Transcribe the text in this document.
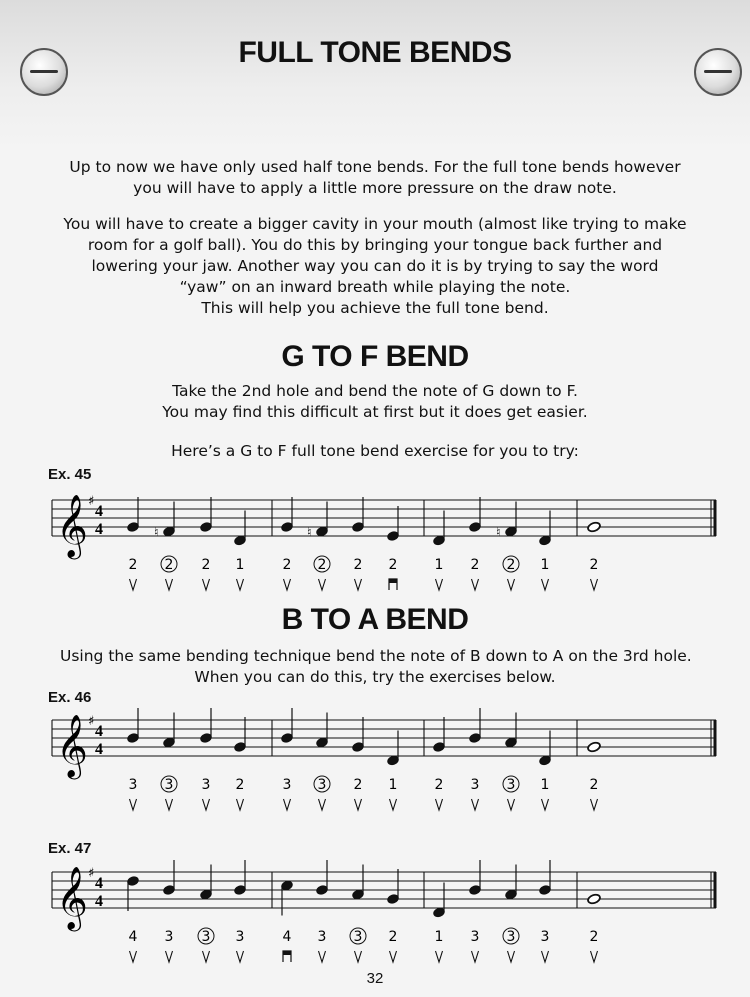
FULL TONE BENDS
Up to now we have only used half tone bends. For the full tone bends however
you will have to apply a little more pressure on the draw note.
You will have to create a bigger cavity in your mouth (almost like trying to make
room for a golf ball). You do this by bringing your tongue back further and
lowering your jaw. Another way you can do it is by trying to say the word
“yaw” on an inward breath while playing the note.
This will help you achieve the full tone bend.
G TO F BEND
Take the 2nd hole and bend the note of G down to F.
You may find this difficult at first but it does get easier.
Here’s a G to F full tone bend exercise for you to try:
Ex. 45
𝄞 ♯
4
4
2
♮
2 2 1	2
♮
2 2 2	1 2
♮
2 1	2
B TO A BEND
Using the same bending technique bend the note of B down to A on the 3rd hole.
When you can do this, try the exercises below.
Ex. 46
𝄞 ♯
4
4
3 3 3 2	3 3 2 1	2 3 3 1	2
Ex. 47
𝄞 ♯
4
4
4 3 3 3	4 3 3 2	1 3 3 3	2
32
